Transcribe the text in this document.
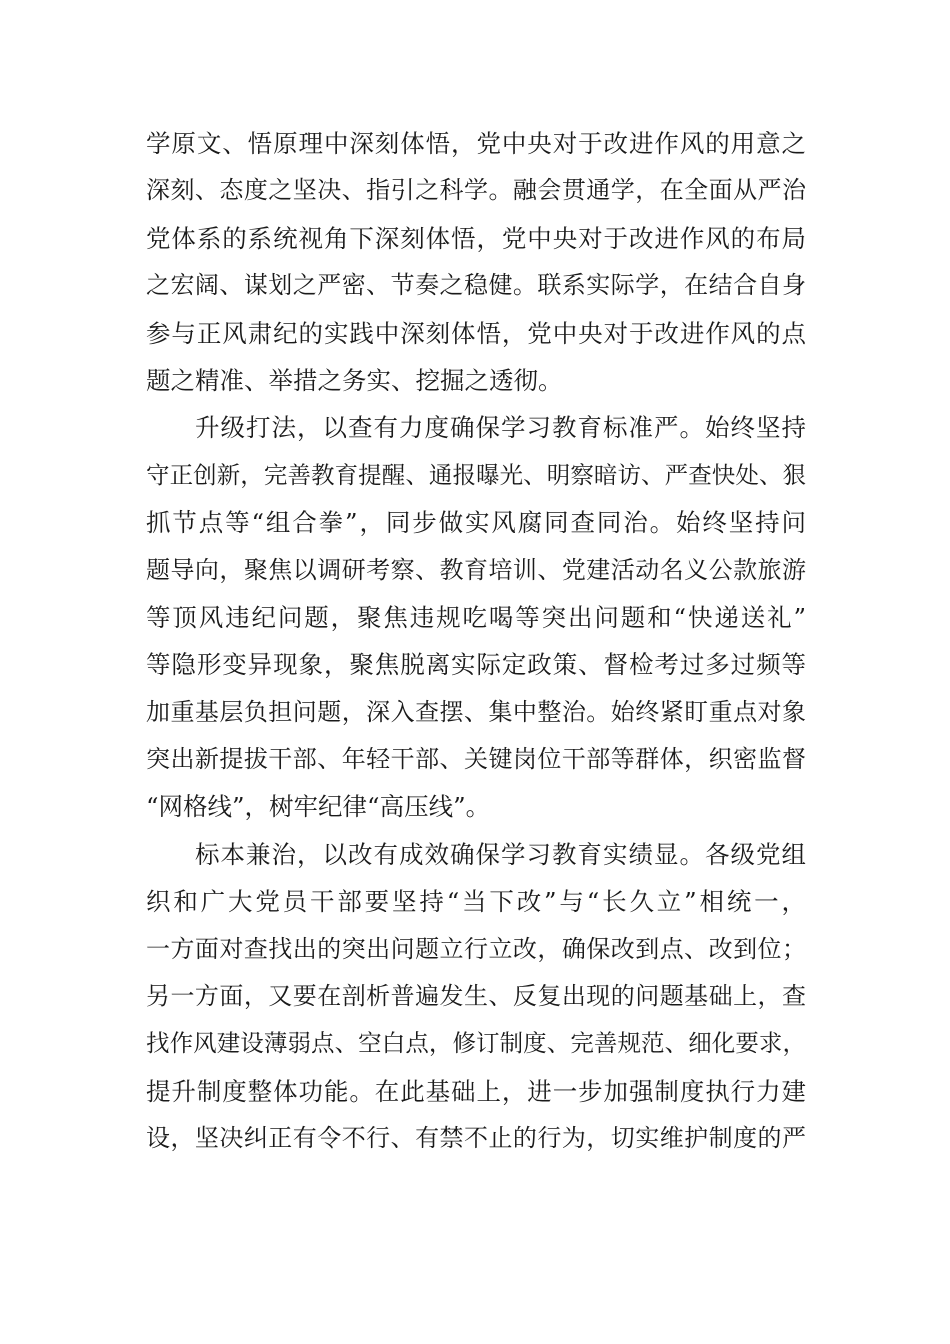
学原文、悟原理中深刻体悟，党中央对于改进作风的用意之
深刻、态度之坚决、指引之科学。融会贯通学，在全面从严治
党体系的系统视角下深刻体悟，党中央对于改进作风的布局
之宏阔、谋划之严密、节奏之稳健。联系实际学，在结合自身
参与正风肃纪的实践中深刻体悟，党中央对于改进作风的点
题之精准、举措之务实、挖掘之透彻。
升级打法，以查有力度确保学习教育标准严。始终坚持
守正创新，完善教育提醒、通报曝光、明察暗访、严查快处、狠
抓节点等“组合拳”，同步做实风腐同查同治。始终坚持问
题导向，聚焦以调研考察、教育培训、党建活动名义公款旅游
等顶风违纪问题，聚焦违规吃喝等突出问题和“快递送礼”
等隐形变异现象，聚焦脱离实际定政策、督检考过多过频等
加重基层负担问题，深入查摆、集中整治。始终紧盯重点对象
突出新提拔干部、年轻干部、关键岗位干部等群体，织密监督
“网格线”，树牢纪律“高压线”。
标本兼治，以改有成效确保学习教育实绩显。各级党组
织和广大党员干部要坚持“当下改”与“长久立”相统一，
一方面对查找出的突出问题立行立改，确保改到点、改到位；
另一方面，又要在剖析普遍发生、反复出现的问题基础上，查
找作风建设薄弱点、空白点，修订制度、完善规范、细化要求，
提升制度整体功能。在此基础上，进一步加强制度执行力建
设，坚决纠正有令不行、有禁不止的行为，切实维护制度的严
